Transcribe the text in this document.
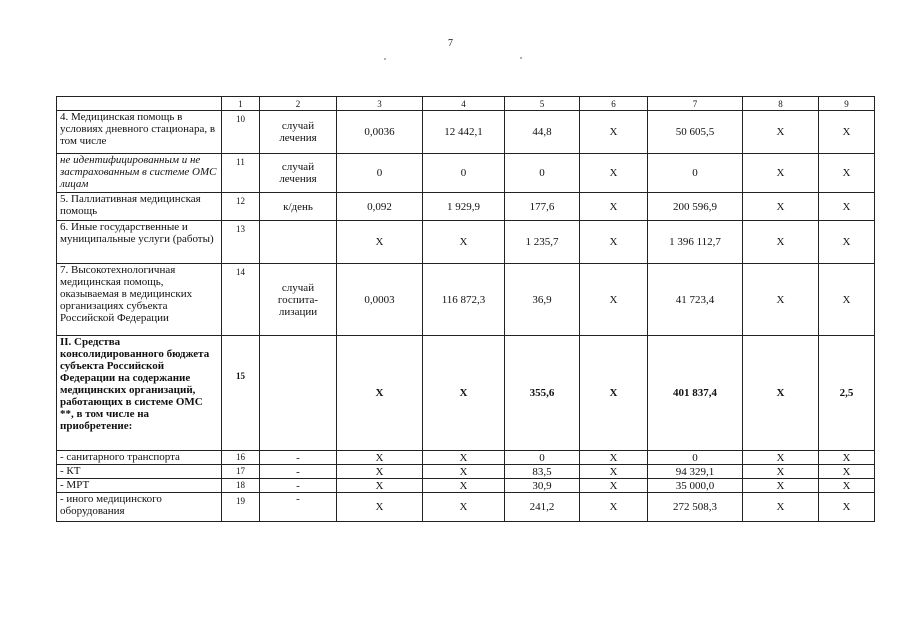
7
	1	2	3	4	5	6	7	8	9
4. Медицинская помощь в условиях дневного стационара, в том числе	10	случай лечения	0,0036	12 442,1	44,8	X	50 605,5	X	X
не идентифицированным и не застрахованным в системе ОМС лицам	11	случай лечения	0	0	0	X	0	X	X
5. Паллиативная медицинская помощь	12	к/день	0,092	1 929,9	177,6	X	200 596,9	X	X
6. Иные государственные и муниципальные услуги (работы)	13		X	X	1 235,7	X	1 396 112,7	X	X
7. Высокотехнологичная медицинская помощь, оказываемая в медицинских организациях субъекта Российской Федерации	14	случай госпита-лизации	0,0003	116 872,3	36,9	X	41 723,4	X	X
II. Средства консолидированного бюджета субъекта Российской Федерации на содержание медицинских организаций, работающих в системе ОМС **, в том числе на приобретение:	15		X	X	355,6	X	401 837,4	X	2,5
- санитарного транспорта	16	-	X	X	0	X	0	X	X
- КТ	17	-	X	X	83,5	X	94 329,1	X	X
- МРТ	18	-	X	X	30,9	X	35 000,0	X	X
- иного медицинского оборудования	19	-	X	X	241,2	X	272 508,3	X	X
